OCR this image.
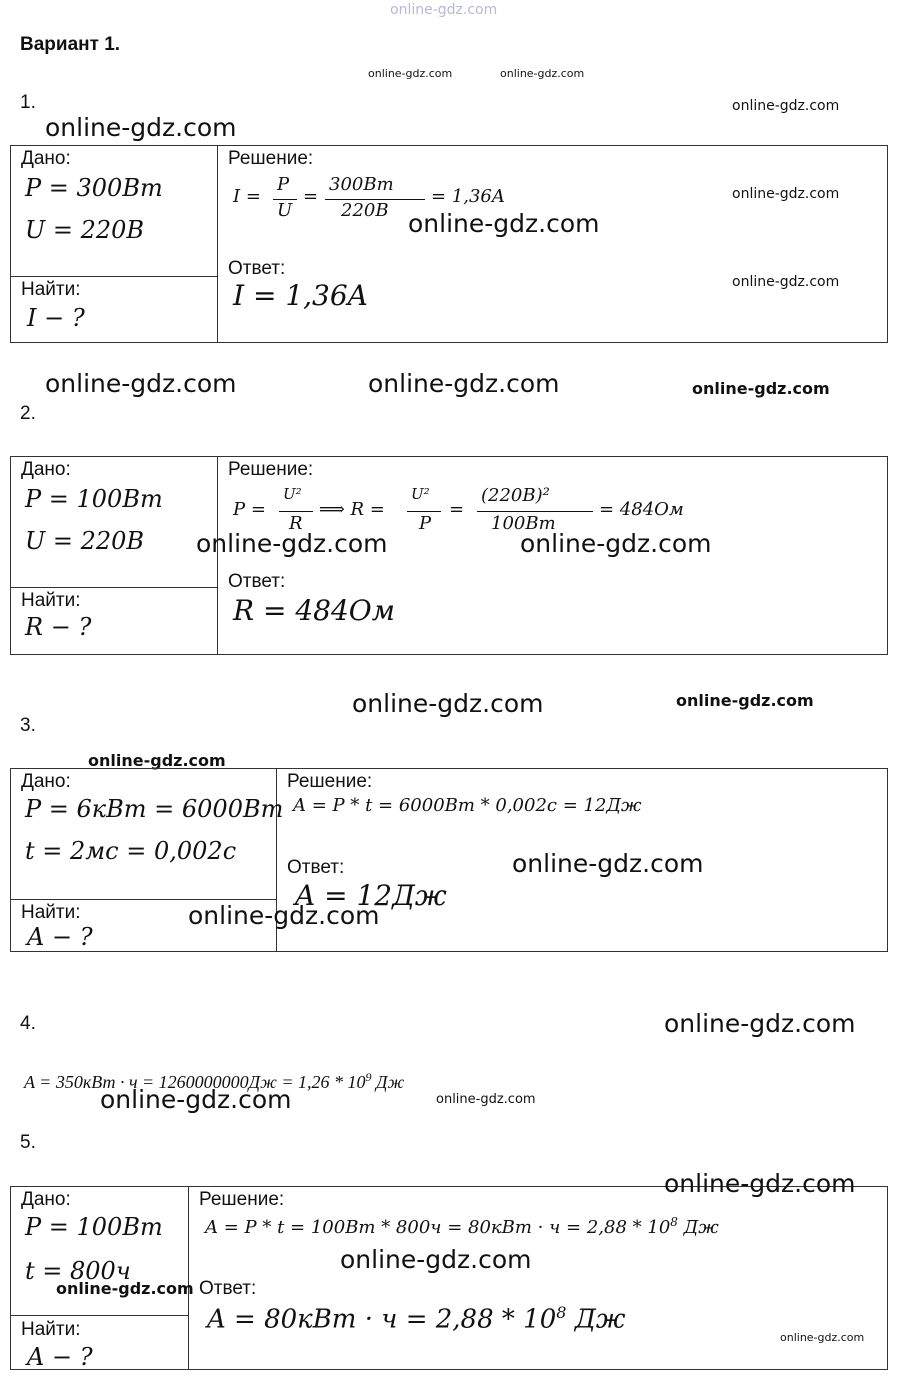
online-gdz.com
Вариант 1.
online-gdz.com	online-gdz.com
online-gdz.com
1.
online-gdz.com
Дано:
P = 300Вт
U = 220В
Найти:
I − ?
Решение:
I =
P
U
=
300Вт
220В
= 1,36A
Ответ:
I = 1,36A
online-gdz.com
online-gdz.com
online-gdz.com
online-gdz.com	online-gdz.com	online-gdz.com
2.
Дано:
P = 100Вт
U = 220В
Найти:
R − ?
Решение:
P =
U²
R
⟹ R =
U²
P
=
(220B)²
100Вт
= 484Ом
Ответ:
R = 484Ом
online-gdz.com	online-gdz.com
online-gdz.com	online-gdz.com
3.
online-gdz.com
Дано:
P = 6кВт = 6000Вт
t = 2мс = 0,002с
Найти:
A − ?
Решение:
A = P * t = 6000Вт * 0,002с = 12Дж
Ответ:
A = 12Дж
online-gdz.com
online-gdz.com
4.	online-gdz.com
$A = 350кВт \cdot ч = 1260000000Дж = 1,26 * 10^9$ Дж
online-gdz.com	online-gdz.com
5.
Дано:
P = 100Вт
t = 800ч
Найти:
A − ?
Решение:
$A = P * t = 100Вт * 800ч = 80кВт \cdot ч = 2,88 * 10^8$ Дж
Ответ:
$A = 80кВт \cdot ч = 2,88 * 10^8$ Дж
online-gdz.com
online-gdz.com
online-gdz.com
online-gdz.com
